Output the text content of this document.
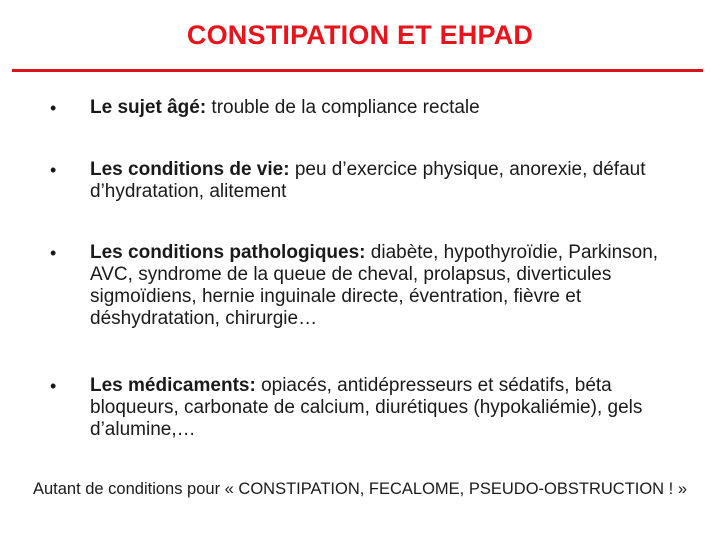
CONSTIPATION ET EHPAD
• Le sujet âgé: trouble de la compliance rectale
• Les conditions de vie: peu d’exercice physique, anorexie, défaut d’hydratation, alitement
• Les conditions pathologiques: diabète, hypothyroïdie, Parkinson, AVC, syndrome de la queue de cheval, prolapsus, diverticules sigmoïdiens, hernie inguinale directe, éventration, fièvre et déshydratation, chirurgie…
• Les médicaments: opiacés, antidépresseurs et sédatifs, béta bloqueurs, carbonate de calcium, diurétiques (hypokaliémie), gels d’alumine,…
Autant de conditions pour « CONSTIPATION, FECALOME, PSEUDO-OBSTRUCTION ! »
